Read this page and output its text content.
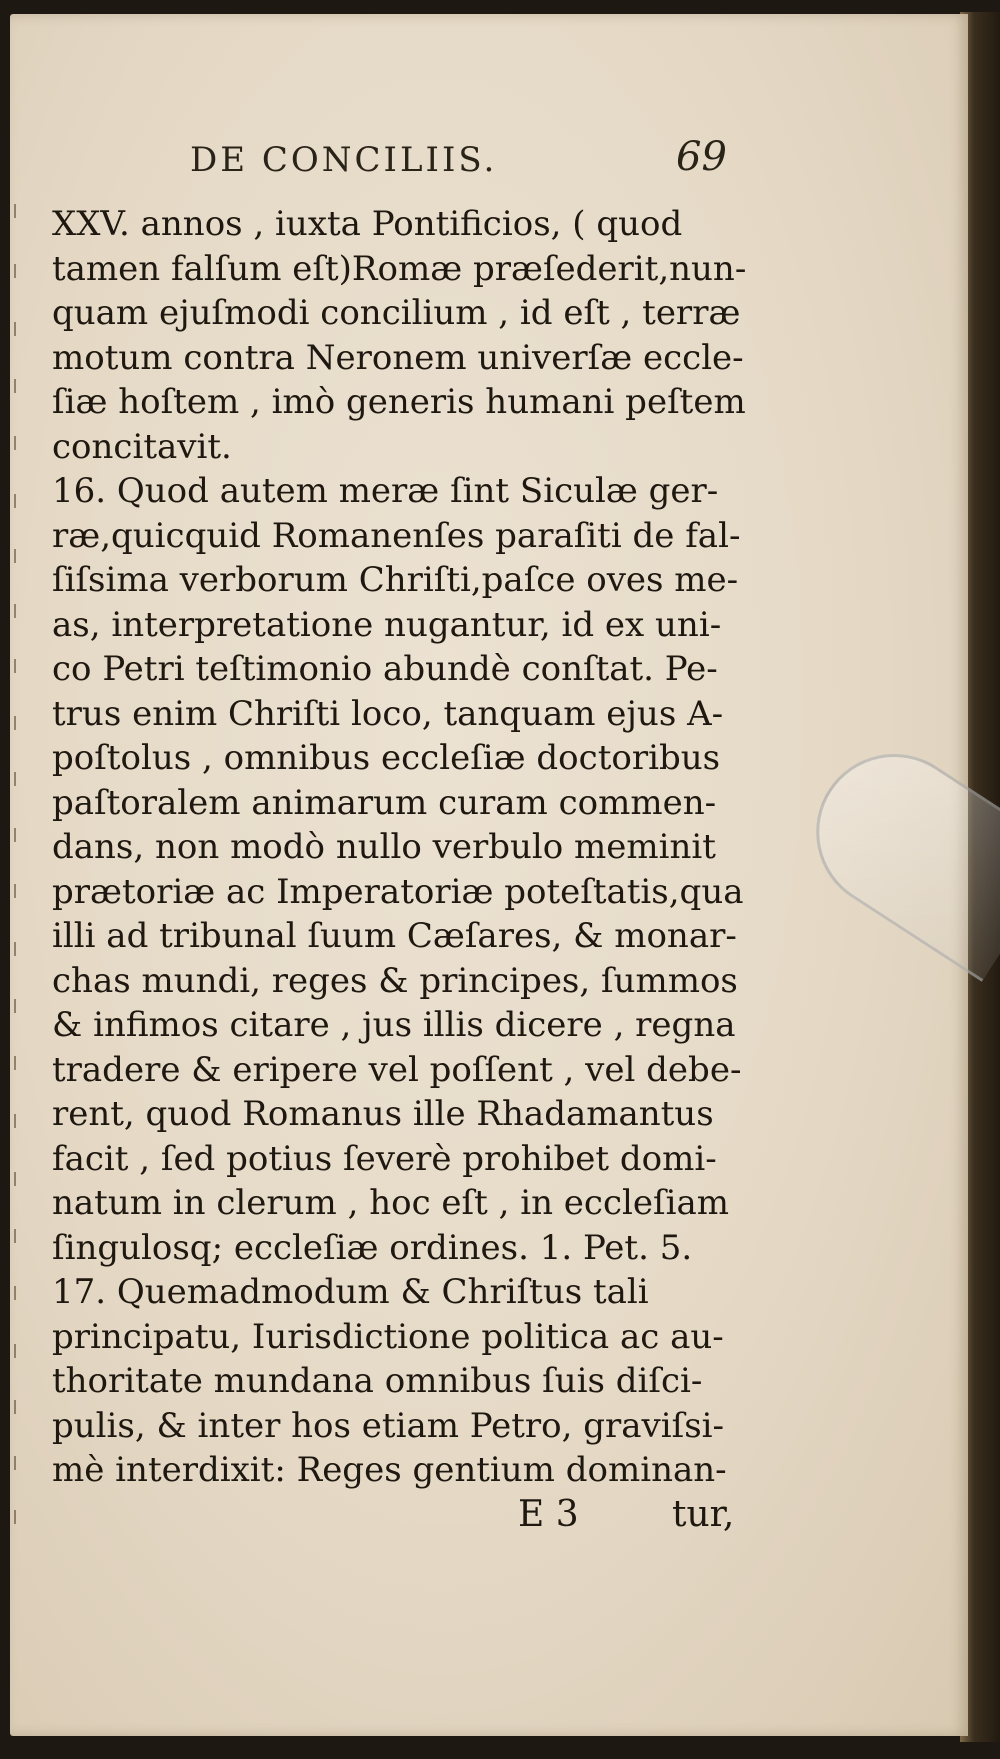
DE CONCILIIS.	69
XXV. annos , iuxta Pontificios, ( quod
tamen falſum eſt)Romæ præſederit,nun-
quam ejuſmodi concilium , id eſt , terræ
motum contra Neronem univerſæ eccle-
ſiæ hoſtem , imò generis humani peſtem
concitavit.
16. Quod autem meræ ſint Siculæ ger-
ræ,quicquid Romanenſes paraſiti de fal-
ſiſsima verborum Chriſti,paſce oves me-
as, interpretatione nugantur, id ex uni-
co Petri teſtimonio abundè conſtat. Pe-
trus enim Chriſti loco, tanquam ejus A-
poſtolus , omnibus eccleſiæ doctoribus
paſtoralem animarum curam commen-
dans, non modò nullo verbulo meminit
prætoriæ ac Imperatoriæ poteſtatis,qua
illi ad tribunal ſuum Cæſares, & monar-
chas mundi, reges & principes, ſummos
& infimos citare , jus illis dicere , regna
tradere & eripere vel poſſent , vel debe-
rent, quod Romanus ille Rhadamantus
facit , ſed potius ſeverè prohibet domi-
natum in clerum , hoc eſt , in eccleſiam
ſingulosq; eccleſiæ ordines. 1. Pet. 5.
17. Quemadmodum & Chriſtus tali
principatu, Iurisdictione politica ac au-
thoritate mundana omnibus ſuis diſci-
pulis, & inter hos etiam Petro, graviſsi-
mè interdixit: Reges gentium dominan-
E 3	tur,
